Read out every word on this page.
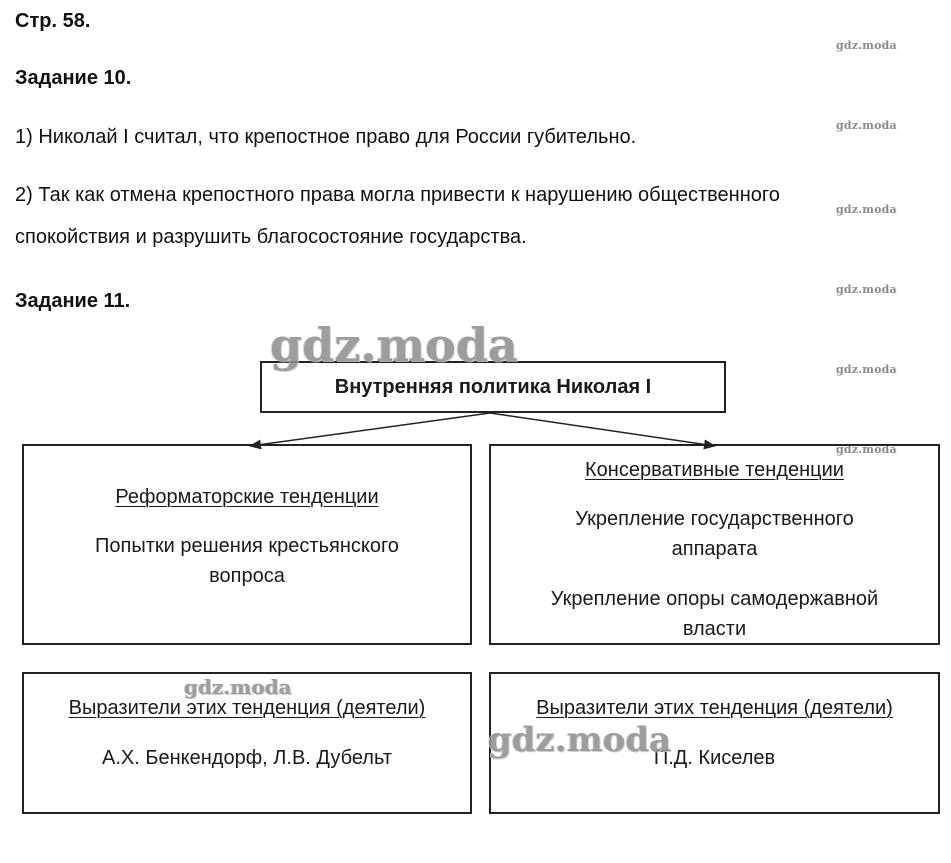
Стр. 58.
Задание 10.
1) Николай I считал, что крепостное право для России губительно.
2) Так как отмена крепостного права могла привести к нарушению общественного
спокойствия и разрушить благосостояние государства.
Задание 11.
gdz.moda
gdz.moda
gdz.moda
gdz.moda
gdz.moda
gdz.moda
Внутренняя политика Николая I
Реформаторские тенденции
Попытки решения крестьянского
вопроса
Консервативные тенденции
Укрепление государственного
аппарата
Укрепление опоры самодержавной
власти
Выразители этих тенденция (деятели)
А.Х. Бенкендорф, Л.В. Дубельт
Выразители этих тенденция (деятели)
П.Д. Киселев
gdz.moda
gdz.moda
gdz.moda
